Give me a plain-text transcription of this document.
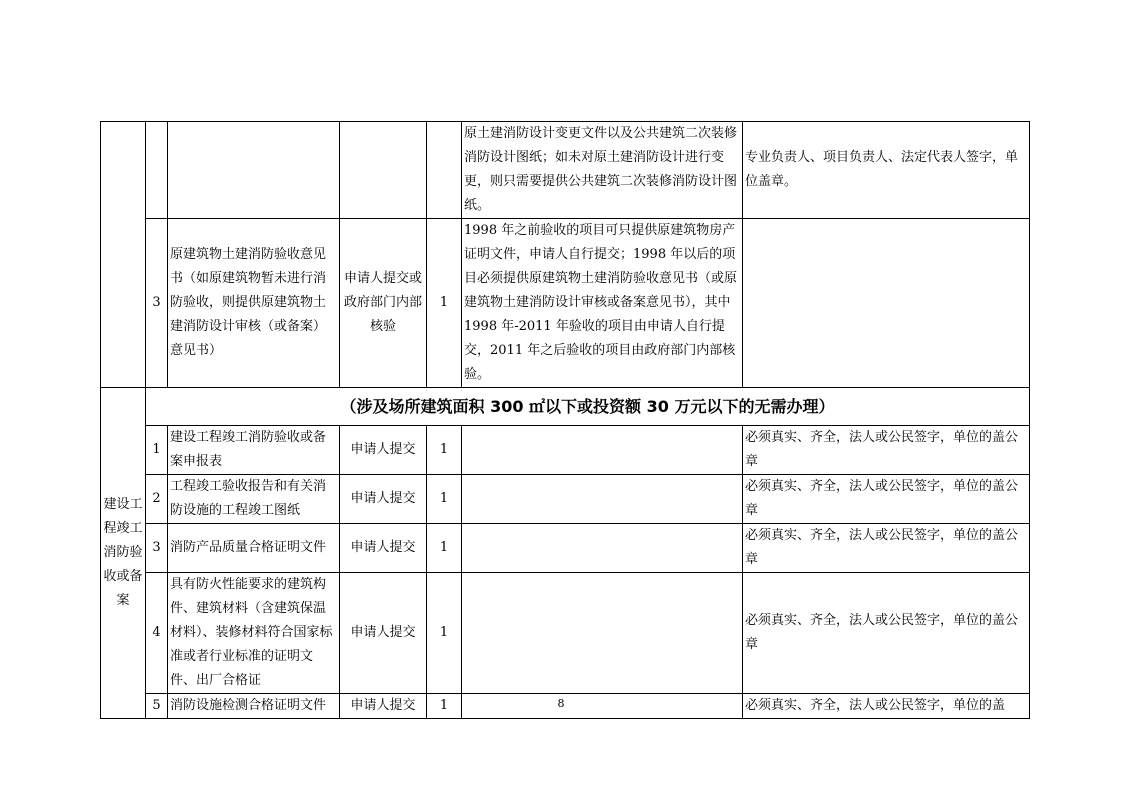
					原土建消防设计变更文件以及公共建筑二次装修消防设计图纸；如未对原土建消防设计进行变更，则只需要提供公共建筑二次装修消防设计图纸。	专业负责人、项目负责人、法定代表人签字，单位盖章。
	3	原建筑物土建消防验收意见书（如原建筑物暂未进行消防验收，则提供原建筑物土建消防设计审核（或备案）意见书）	申请人提交或政府部门内部核验	1	1998 年之前验收的项目可只提供原建筑物房产证明文件，申请人自行提交；1998 年以后的项目必须提供原建筑物土建消防验收意见书（或原建筑物土建消防设计审核或备案意见书），其中 1998 年-2011 年验收的项目由申请人自行提交，2011 年之后验收的项目由政府部门内部核验。	
建设工程竣工消防验收或备案	（涉及场所建筑面积 300 ㎡以下或投资额 30 万元以下的无需办理）					
	1	建设工程竣工消防验收或备案申报表	申请人提交	1		必须真实、齐全，法人或公民签字，单位的盖公章
	2	工程竣工验收报告和有关消防设施的工程竣工图纸	申请人提交	1		必须真实、齐全，法人或公民签字，单位的盖公章
	3	消防产品质量合格证明文件	申请人提交	1		必须真实、齐全，法人或公民签字，单位的盖公章
	4	具有防火性能要求的建筑构件、建筑材料（含建筑保温材料）、装修材料符合国家标准或者行业标准的证明文件、出厂合格证	申请人提交	1		必须真实、齐全，法人或公民签字，单位的盖公章
	5	消防设施检测合格证明文件	申请人提交	1		必须真实、齐全，法人或公民签字，单位的盖
8
